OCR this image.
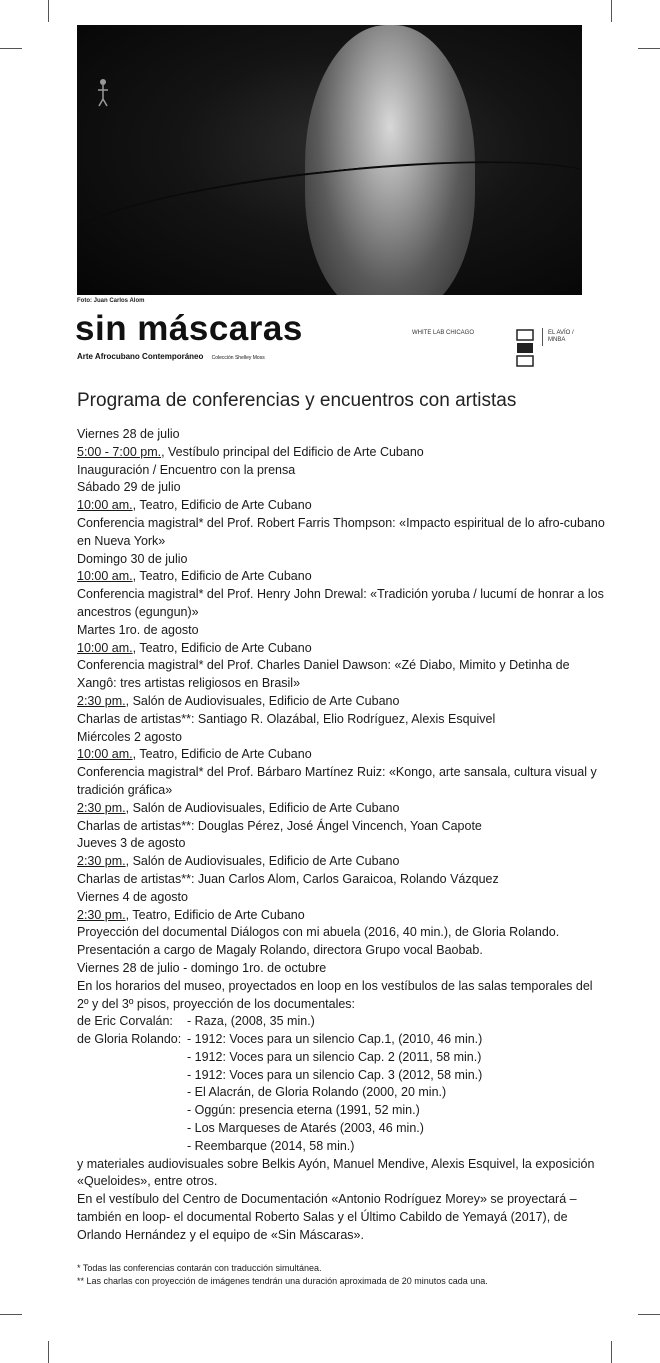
Foto: Juan Carlos Alom
sin máscaras
Arte Afrocubano Contemporáneo Colección Shelley Moss
WHITE LAB CHICAGO	EL AVÍO / MNBA
Programa de conferencias y encuentros con artistas
Viernes 28 de julio
5:00 - 7:00 pm., Vestíbulo principal del Edificio de Arte Cubano
Inauguración / Encuentro con la prensa
Sábado 29 de julio
10:00 am., Teatro, Edificio de Arte Cubano
Conferencia magistral* del Prof. Robert Farris Thompson: «Impacto espiritual de lo afro-cubano en Nueva York»
Domingo 30 de julio
10:00 am., Teatro, Edificio de Arte Cubano
Conferencia magistral* del Prof. Henry John Drewal: «Tradición yoruba / lucumí de honrar a los ancestros (egungun)»
Martes 1ro. de agosto
10:00 am., Teatro, Edificio de Arte Cubano
Conferencia magistral* del Prof. Charles Daniel Dawson: «Zé Diabo, Mimito y Detinha de Xangô: tres artistas religiosos en Brasil»
2:30 pm., Salón de Audiovisuales, Edificio de Arte Cubano
Charlas de artistas**: Santiago R. Olazábal, Elio Rodríguez, Alexis Esquivel
Miércoles 2 agosto
10:00 am., Teatro, Edificio de Arte Cubano
Conferencia magistral* del Prof. Bárbaro Martínez Ruiz: «Kongo, arte sansala, cultura visual y tradición gráfica»
2:30 pm., Salón de Audiovisuales, Edificio de Arte Cubano
Charlas de artistas**: Douglas Pérez, José Ángel Vincench, Yoan Capote
Jueves 3 de agosto
2:30 pm., Salón de Audiovisuales, Edificio de Arte Cubano
Charlas de artistas**: Juan Carlos Alom, Carlos Garaicoa, Rolando Vázquez
Viernes 4 de agosto
2:30 pm., Teatro, Edificio de Arte Cubano
Proyección del documental Diálogos con mi abuela (2016, 40 min.), de Gloria Rolando. Presentación a cargo de Magaly Rolando, directora Grupo vocal Baobab.
Viernes 28 de julio - domingo 1ro. de octubre
En los horarios del museo, proyectados en loop en los vestíbulos de las salas temporales del 2º y del 3º pisos, proyección de los documentales:
de Eric Corvalán:	- Raza, (2008, 35 min.)
de Gloria Rolando: - 1912: Voces para un silencio Cap.1, (2010, 46 min.)
- 1912: Voces para un silencio Cap. 2 (2011, 58 min.)
- 1912: Voces para un silencio Cap. 3 (2012, 58 min.)
- El Alacrán, de Gloria Rolando (2000, 20 min.)
- Oggún: presencia eterna (1991, 52 min.)
- Los Marqueses de Atarés (2003, 46 min.)
- Reembarque (2014, 58 min.)
y materiales audiovisuales sobre Belkis Ayón, Manuel Mendive, Alexis Esquivel, la exposición «Queloides», entre otros.
En el vestíbulo del Centro de Documentación «Antonio Rodríguez Morey» se proyectará –también en loop- el documental Roberto Salas y el Último Cabildo de Yemayá (2017), de Orlando Hernández y el equipo de «Sin Máscaras».
* Todas las conferencias contarán con traducción simultánea.
** Las charlas con proyección de imágenes tendrán una duración aproximada de 20 minutos cada una.
